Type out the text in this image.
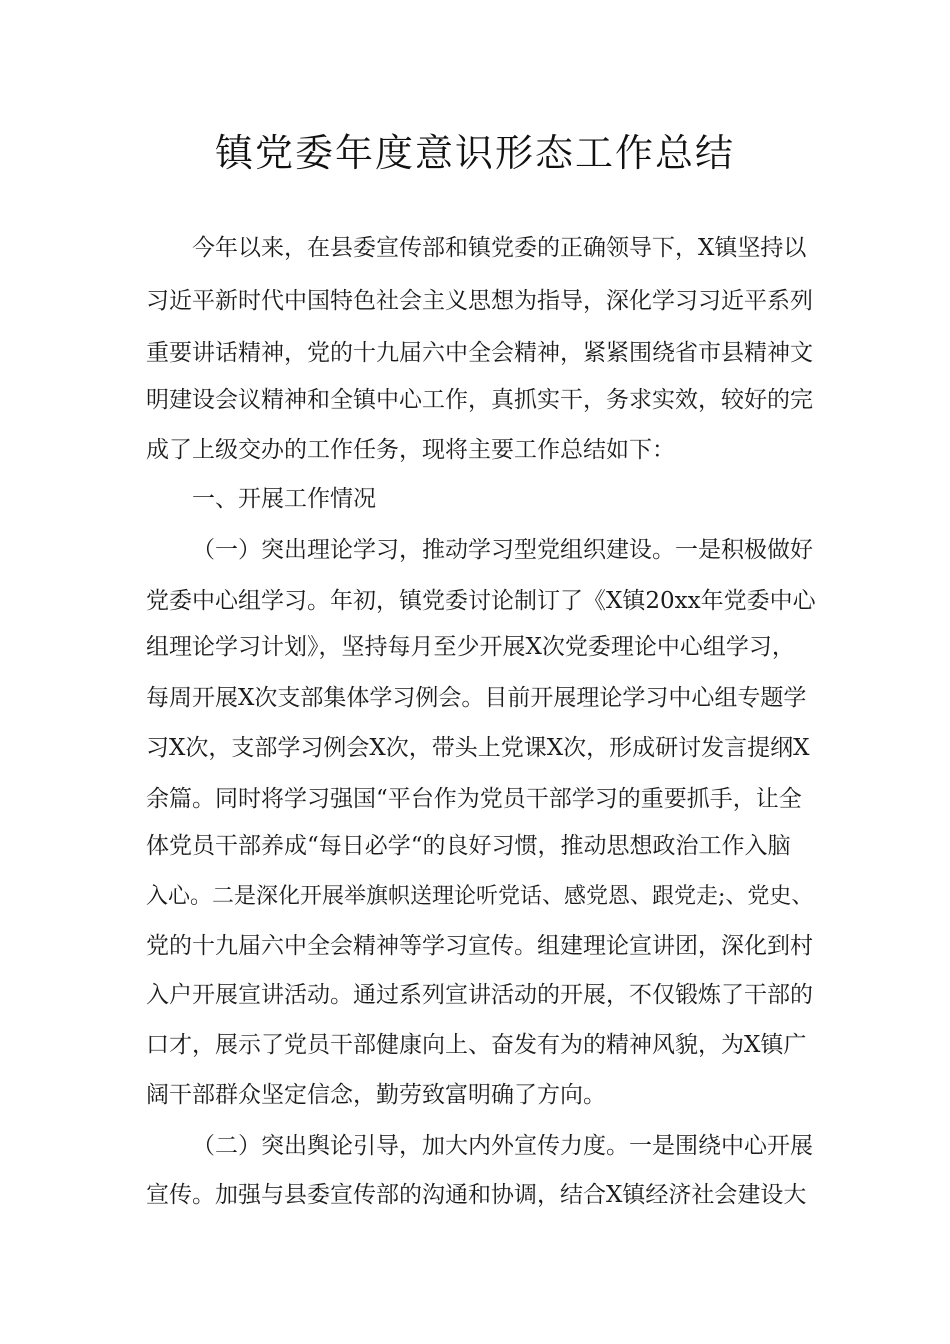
镇党委年度意识形态工作总结
今年以来，在县委宣传部和镇党委的正确领导下，X镇坚持以
习近平新时代中国特色社会主义思想为指导，深化学习习近平系列
重要讲话精神，党的十九届六中全会精神，紧紧围绕省市县精神文
明建设会议精神和全镇中心工作，真抓实干，务求实效，较好的完
成了上级交办的工作任务，现将主要工作总结如下：
一、开展工作情况
（一）突出理论学习，推动学习型党组织建设。一是积极做好
党委中心组学习。年初，镇党委讨论制订了《X镇20xx年党委中心
组理论学习计划》，坚持每月至少开展X次党委理论中心组学习，
每周开展X次支部集体学习例会。目前开展理论学习中心组专题学
习X次，支部学习例会X次，带头上党课X次，形成研讨发言提纲X
余篇。同时将学习强国“平台作为党员干部学习的重要抓手，让全
体党员干部养成“每日必学“的良好习惯，推动思想政治工作入脑
入心。二是深化开展举旗帜送理论听党话、感党恩、跟党走;、党史、
党的十九届六中全会精神等学习宣传。组建理论宣讲团，深化到村
入户开展宣讲活动。通过系列宣讲活动的开展，不仅锻炼了干部的
口才，展示了党员干部健康向上、奋发有为的精神风貌，为X镇广
阔干部群众坚定信念，勤劳致富明确了方向。
（二）突出舆论引导，加大内外宣传力度。一是围绕中心开展
宣传。加强与县委宣传部的沟通和协调，结合X镇经济社会建设大
